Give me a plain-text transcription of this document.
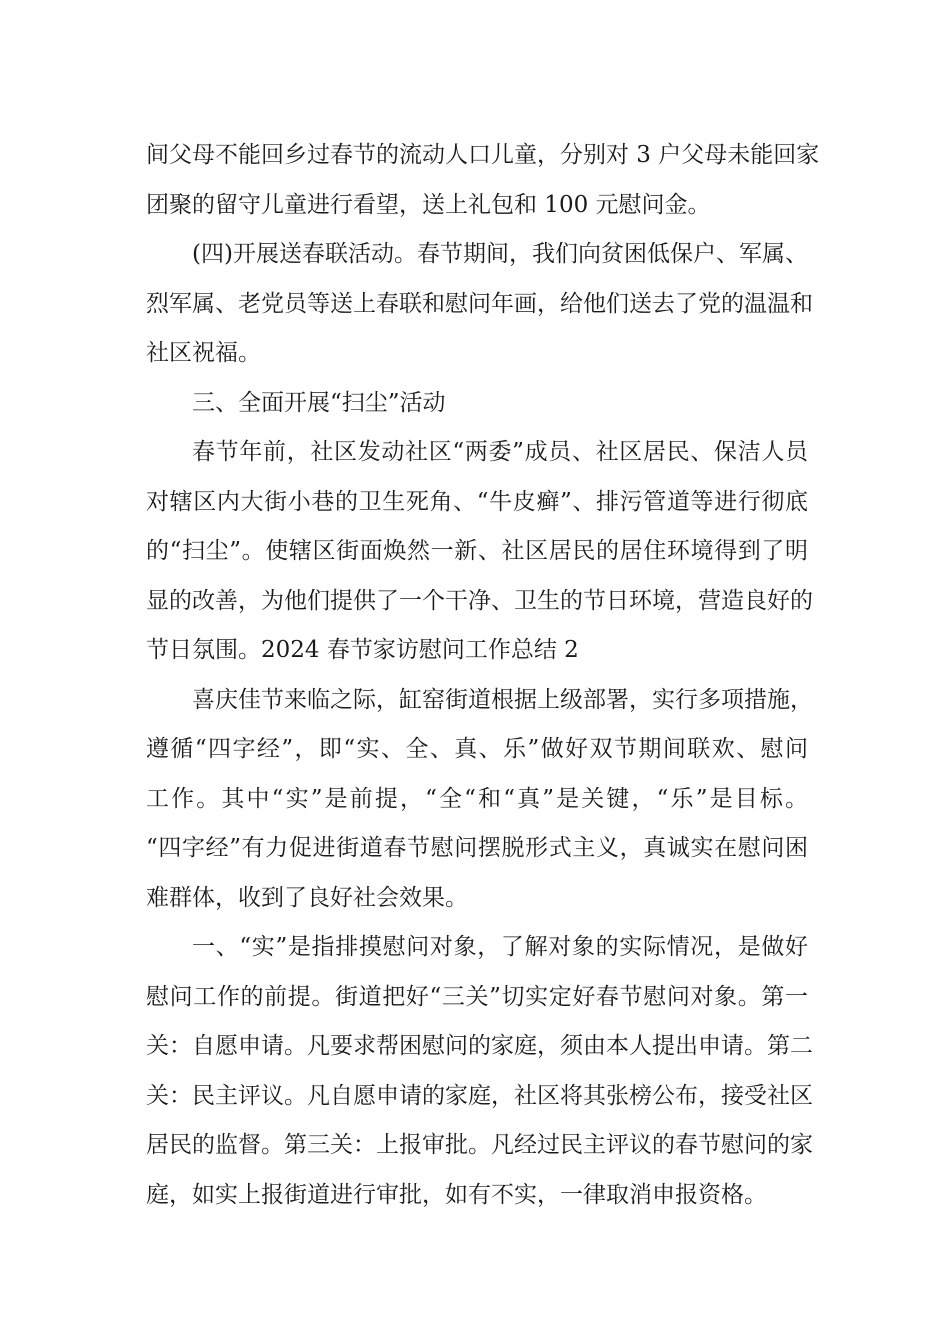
间父母不能回乡过春节的流动人口儿童，分别对 3 户父母未能回家
团聚的留守儿童进行看望，送上礼包和 100 元慰问金。
(四)开展送春联活动。春节期间，我们向贫困低保户、军属、
烈军属、老党员等送上春联和慰问年画，给他们送去了党的温温和
社区祝福。
三、全面开展“扫尘”活动
春节年前，社区发动社区“两委”成员、社区居民、保洁人员
对辖区内大街小巷的卫生死角、“牛皮癣”、排污管道等进行彻底
的“扫尘”。使辖区街面焕然一新、社区居民的居住环境得到了明
显的改善，为他们提供了一个干净、卫生的节日环境，营造良好的
节日氛围。2024 春节家访慰问工作总结 2
喜庆佳节来临之际，缸窑街道根据上级部署，实行多项措施，
遵循“四字经”，即“实、全、真、乐”做好双节期间联欢、慰问
工作。其中“实”是前提，“全“和“真”是关键，“乐”是目标。
“四字经”有力促进街道春节慰问摆脱形式主义，真诚实在慰问困
难群体，收到了良好社会效果。
一、“实”是指排摸慰问对象，了解对象的实际情况，是做好
慰问工作的前提。街道把好“三关”切实定好春节慰问对象。第一
关：自愿申请。凡要求帮困慰问的家庭，须由本人提出申请。第二
关：民主评议。凡自愿申请的家庭，社区将其张榜公布，接受社区
居民的监督。第三关：上报审批。凡经过民主评议的春节慰问的家
庭，如实上报街道进行审批，如有不实，一律取消申报资格。
